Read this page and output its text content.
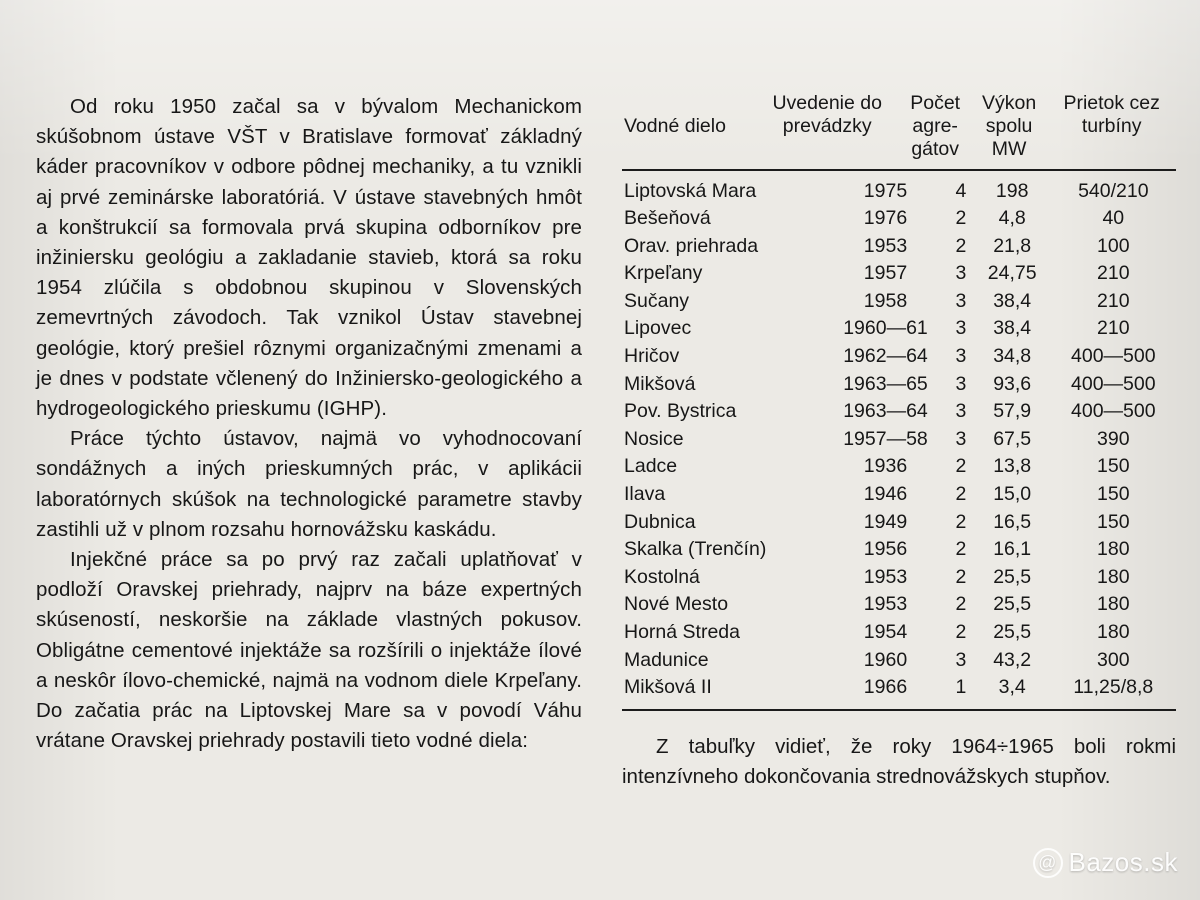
Od roku 1950 začal sa v bývalom Mechanickom skúšobnom ústave VŠT v Bratislave formovať základný káder pracovníkov v odbore pôdnej mechaniky, a tu vznikli aj prvé zeminárske laboratóriá. V ústave stavebných hmôt a konštrukcií sa formovala prvá skupina odborníkov pre inžiniersku geológiu a zakladanie stavieb, ktorá sa roku 1954 zlúčila s obdobnou skupinou v Slovenských zemevrtných závodoch. Tak vznikol Ústav stavebnej geológie, ktorý prešiel rôznymi organizačnými zmenami a je dnes v podstate včlenený do Inžiniersko-geologického a hydrogeologického prieskumu (IGHP).

Práce týchto ústavov, najmä vo vyhodnocovaní sondážnych a iných prieskumných prác, v aplikácii laboratórnych skúšok na technologické parametre stavby zastihli už v plnom rozsahu hornovážsku kaskádu.

Injekčné práce sa po prvý raz začali uplatňovať v podloží Oravskej priehrady, najprv na báze expertných skúseností, neskoršie na základe vlastných pokusov. Obligátne cementové injektáže sa rozšírili o injektáže ílové a neskôr ílovo-chemické, najmä na vodnom diele Krpeľany. Do začatia prác na Liptovskej Mare sa v povodí Váhu vrátane Oravskej priehrady postavili tieto vodné diela:

Vodné dielo	
Uvedenie do
prevádzky

Počet
agre-
gátov

Výkon
spolu
MW

Prietok cez
turbíny
Liptovská Mara	1975	4	198	540/210
Bešeňová	1976	2	4,8	40
Orav. priehrada	1953	2	21,8	100
Krpeľany	1957	3	24,75	210
Sučany	1958	3	38,4	210
Lipovec	1960—61	3	38,4	210
Hričov	1962—64	3	34,8	400—500
Mikšová	1963—65	3	93,6	400—500
Pov. Bystrica	1963—64	3	57,9	400—500
Nosice	1957—58	3	67,5	390
Ladce	1936	2	13,8	150
Ilava	1946	2	15,0	150
Dubnica	1949	2	16,5	150
Skalka (Trenčín)	1956	2	16,1	180
Kostolná	1953	2	25,5	180
Nové Mesto	1953	2	25,5	180
Horná Streda	1954	2	25,5	180
Madunice	1960	3	43,2	300
Mikšová II	1966	1	3,4	11,25/8,8

Z tabuľky vidieť, že roky 1964÷1965 boli rokmi intenzívneho dokončovania strednovážskych stupňov.

@
Bazos.sk
